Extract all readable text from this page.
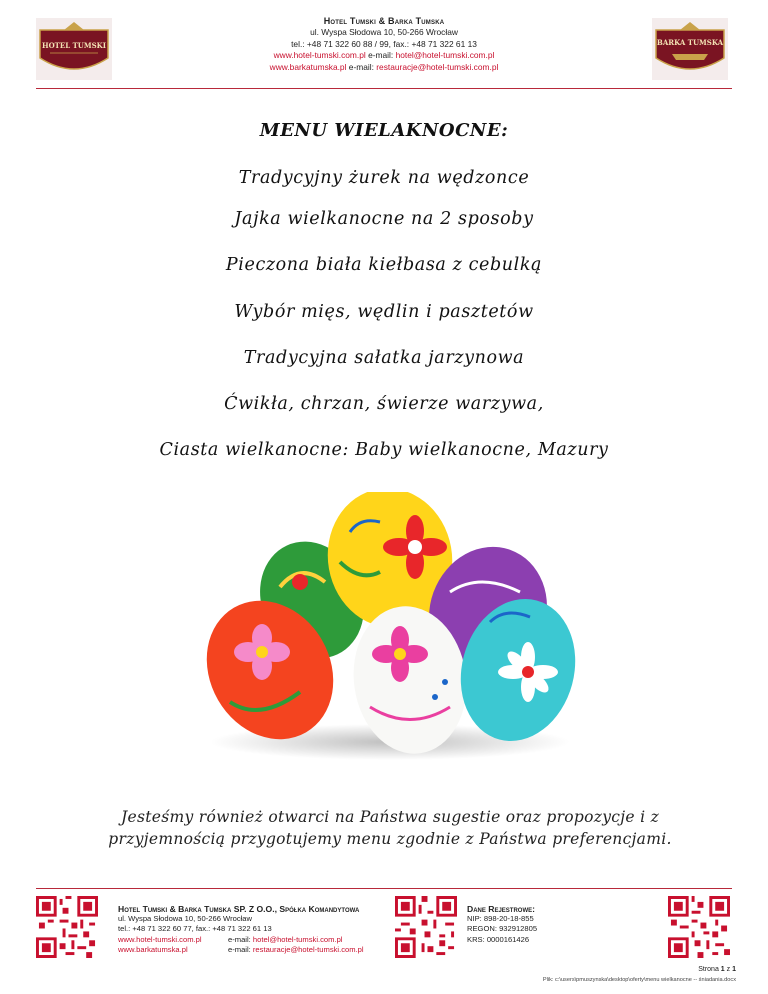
HOTEL TUMSKI	BARKA TUMSKA
Hotel Tumski & Barka Tumska
ul. Wyspa Słodowa 10, 50-266 Wrocław
tel.: +48 71 322 60 88 / 99, fax.: +48 71 322 61 13
www.hotel-tumski.com.pl e-mail: hotel@hotel-tumski.com.pl
www.barkatumska.pl e-mail: restauracje@hotel-tumski.com.pl
MENU WIELAKNOCNE:
Tradycyjny żurek na wędzonce
Jajka wielkanocne na 2 sposoby
Pieczona biała kiełbasa z cebulką
Wybór mięs, wędlin i pasztetów
Tradycyjna sałatka jarzynowa
Ćwikła, chrzan, świerze warzywa,
Ciasta wielkanocne: Baby wielkanocne, Mazury
Jesteśmy również otwarci na Państwa sugestie oraz propozycje i z
przyjemnością przygotujemy menu zgodnie z Państwa preferencjami.
Hotel Tumski & Barka Tumska SP. Z O.O., Spółka Komandytowa
ul. Wyspa Słodowa 10, 50-266 Wrocław
tel.: +48 71 322 60 77, fax.: +48 71 322 61 13
www.hotel-tumski.com.pl	e-mail: hotel@hotel-tumski.com.pl
www.barkatumska.pl	e-mail: restauracje@hotel-tumski.com.pl
Dane Rejestrowe:
NIP: 898-20-18-855
REGON: 932912805
KRS: 0000161426
Strona 1 z 1
Plik: c:\users\pmuszynska\desktop\oferty\menu wielkanocne -- śniadania.docx
